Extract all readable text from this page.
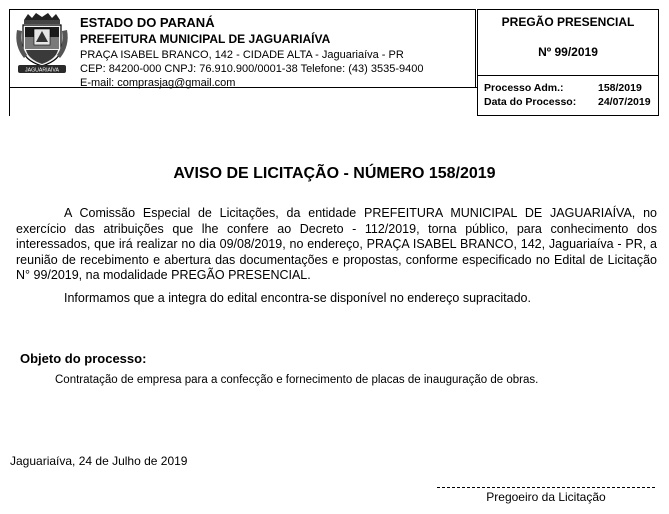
JAGUARIAÍVA
ESTADO DO PARANÁ
PREFEITURA MUNICIPAL DE JAGUARIAÍVA
PRAÇA ISABEL BRANCO, 142 - CIDADE ALTA - Jaguariaíva - PR
CEP: 84200-000 CNPJ: 76.910.900/0001-38 Telefone: (43) 3535-9400
E-mail: comprasjag@gmail.com
PREGÃO PRESENCIAL
Nº 99/2019
Processo Adm.:	158/2019
Data do Processo: 24/07/2019
AVISO DE LICITAÇÃO - NÚMERO 158/2019
A Comissão Especial de Licitações, da entidade PREFEITURA MUNICIPAL DE JAGUARIAÍVA, no exercício das atribuições que lhe confere ao Decreto - 112/2019, torna público, para conhecimento dos interessados, que irá realizar no dia 09/08/2019, no endereço, PRAÇA ISABEL BRANCO, 142, Jaguariaíva - PR, a reunião de recebimento e abertura das documentações e propostas, conforme especificado no Edital de Licitação N° 99/2019, na modalidade PREGÃO PRESENCIAL.
Informamos que a integra do edital encontra-se disponível no endereço supracitado.
Objeto do processo:
Contratação de empresa para a confecção e fornecimento de placas de inauguração de obras.
Jaguariaíva, 24 de Julho de 2019
Pregoeiro da Licitação
